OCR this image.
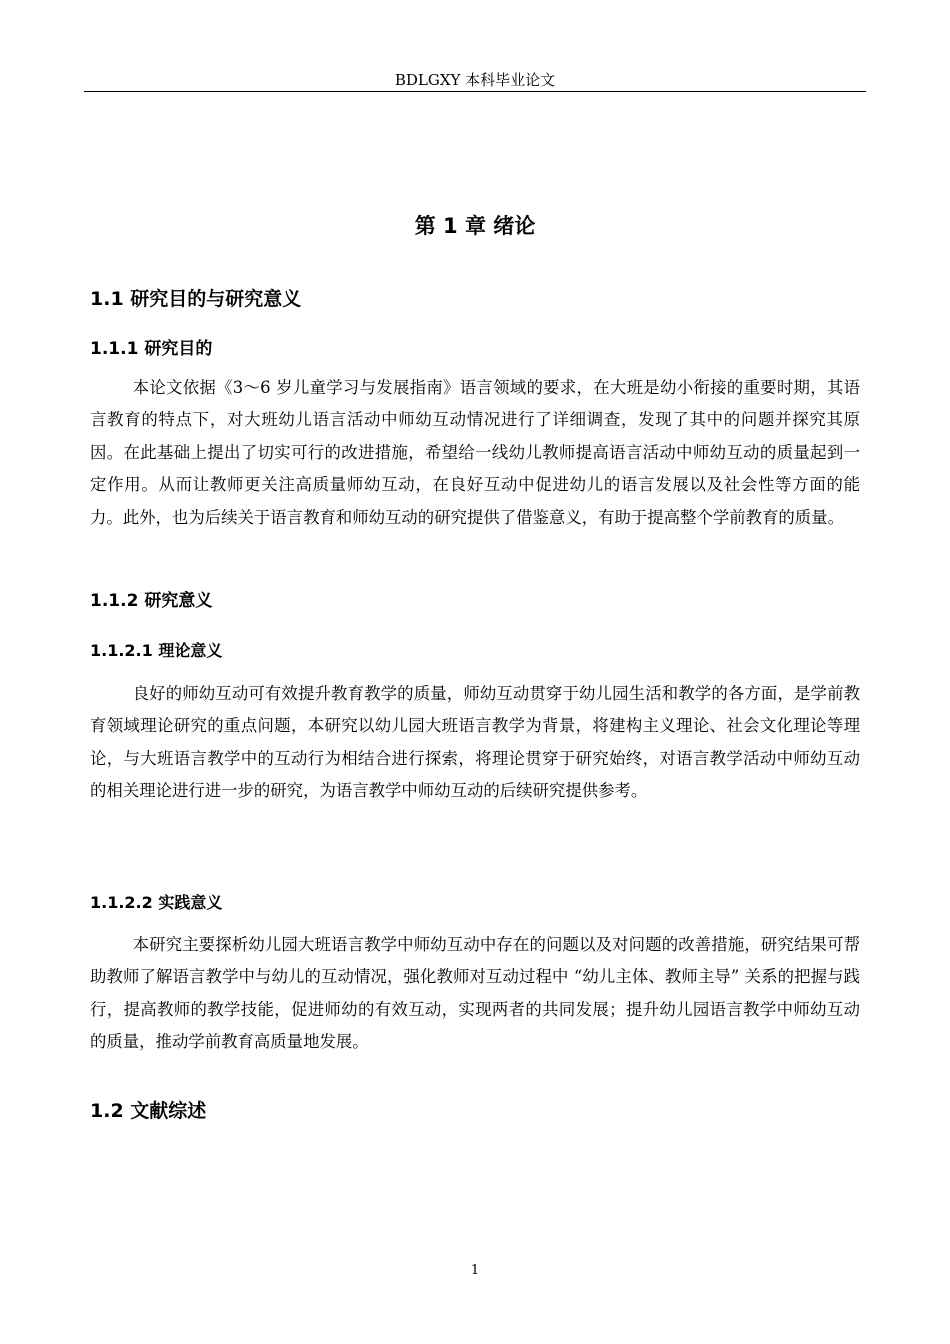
BDLGXY 本科毕业论文
第 1 章 绪论
1.1 研究目的与研究意义
1.1.1 研究目的

本论文依据《3～6 岁儿童学习与发展指南》语言领域的要求，在大班是幼小衔接的重要时期，其语言教育的特点下，对大班幼儿语言活动中师幼互动情况进行了详细调查，发现了其中的问题并探究其原因。在此基础上提出了切实可行的改进措施，希望给一线幼儿教师提高语言活动中师幼互动的质量起到一定作用。从而让教师更关注高质量师幼互动，在良好互动中促进幼儿的语言发展以及社会性等方面的能力。此外，也为后续关于语言教育和师幼互动的研究提供了借鉴意义，有助于提高整个学前教育的质量。

1.1.2 研究意义
1.1.2.1 理论意义

良好的师幼互动可有效提升教育教学的质量，师幼互动贯穿于幼儿园生活和教学的各方面，是学前教育领域理论研究的重点问题，本研究以幼儿园大班语言教学为背景，将建构主义理论、社会文化理论等理论，与大班语言教学中的互动行为相结合进行探索，将理论贯穿于研究始终，对语言教学活动中师幼互动的相关理论进行进一步的研究，为语言教学中师幼互动的后续研究提供参考。

1.1.2.2 实践意义

本研究主要探析幼儿园大班语言教学中师幼互动中存在的问题以及对问题的改善措施，研究结果可帮助教师了解语言教学中与幼儿的互动情况，强化教师对互动过程中 “幼儿主体、教师主导” 关系的把握与践行，提高教师的教学技能，促进师幼的有效互动，实现两者的共同发展；提升幼儿园语言教学中师幼互动的质量，推动学前教育高质量地发展。

1.2 文献综述
1
